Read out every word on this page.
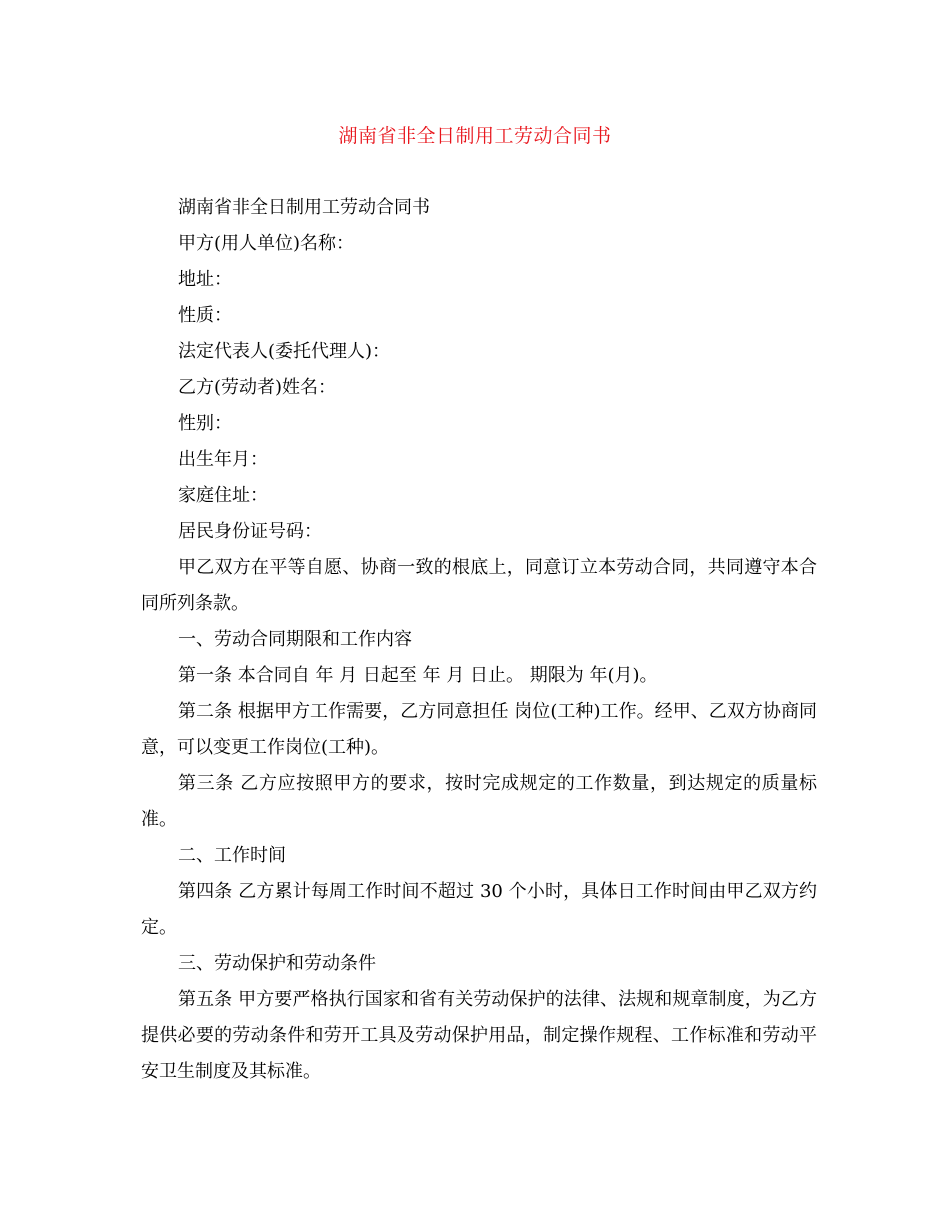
湖南省非全日制用工劳动合同书

湖南省非全日制用工劳动合同书

甲方(用人单位)名称：

地址：

性质：

法定代表人(委托代理人)：

乙方(劳动者)姓名：

性别：

出生年月：

家庭住址：

居民身份证号码：

甲乙双方在平等自愿、协商一致的根底上，同意订立本劳动合同，共同遵守本合同所列条款。

一、劳动合同期限和工作内容

第一条 本合同自 年 月 日起至 年 月 日止。 期限为 年(月)。

第二条 根据甲方工作需要，乙方同意担任 岗位(工种)工作。经甲、乙双方协商同意，可以变更工作岗位(工种)。

第三条 乙方应按照甲方的要求，按时完成规定的工作数量，到达规定的质量标准。

二、工作时间

第四条 乙方累计每周工作时间不超过 30 个小时，具体日工作时间由甲乙双方约定。

三、劳动保护和劳动条件

第五条 甲方要严格执行国家和省有关劳动保护的法律、法规和规章制度，为乙方提供必要的劳动条件和劳开工具及劳动保护用品，制定操作规程、工作标准和劳动平安卫生制度及其标准。
